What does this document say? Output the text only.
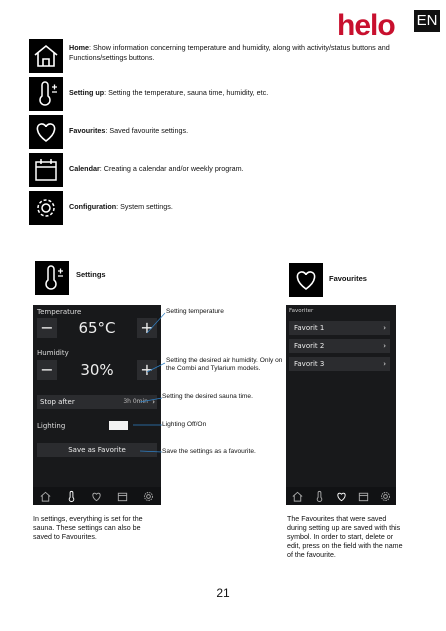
helo EN
Home: Show information concerning temperature and humidity, along with activity/status buttons and Functions/settings buttons.
Setting up: Setting the temperature, sauna time, humidity, etc.
Favourites: Saved favourite settings.
Calendar: Creating a calendar and/or weekly program.
Configuration: System settings.
Settings
Temperature
−	65°C	+
Humidity
−	30%	+
Stop after	3h 0min ›
Lighting
Save as Favorite
Setting temperature
Setting the desired air humidity. Only on the Combi and Tylarium models.
Setting the desired sauna time.
Lighting Off/On
Save the settings as a favourite.
In settings, everything is set for the sauna. These settings can also be saved to Favourites.
Favourites
Favoriter
Favorit 1	›
Favorit 2	›
Favorit 3	›
The Favourites that were saved during setting up are saved with this symbol. In order to start, delete or edit, press on the field with the name of the favourite.
21
